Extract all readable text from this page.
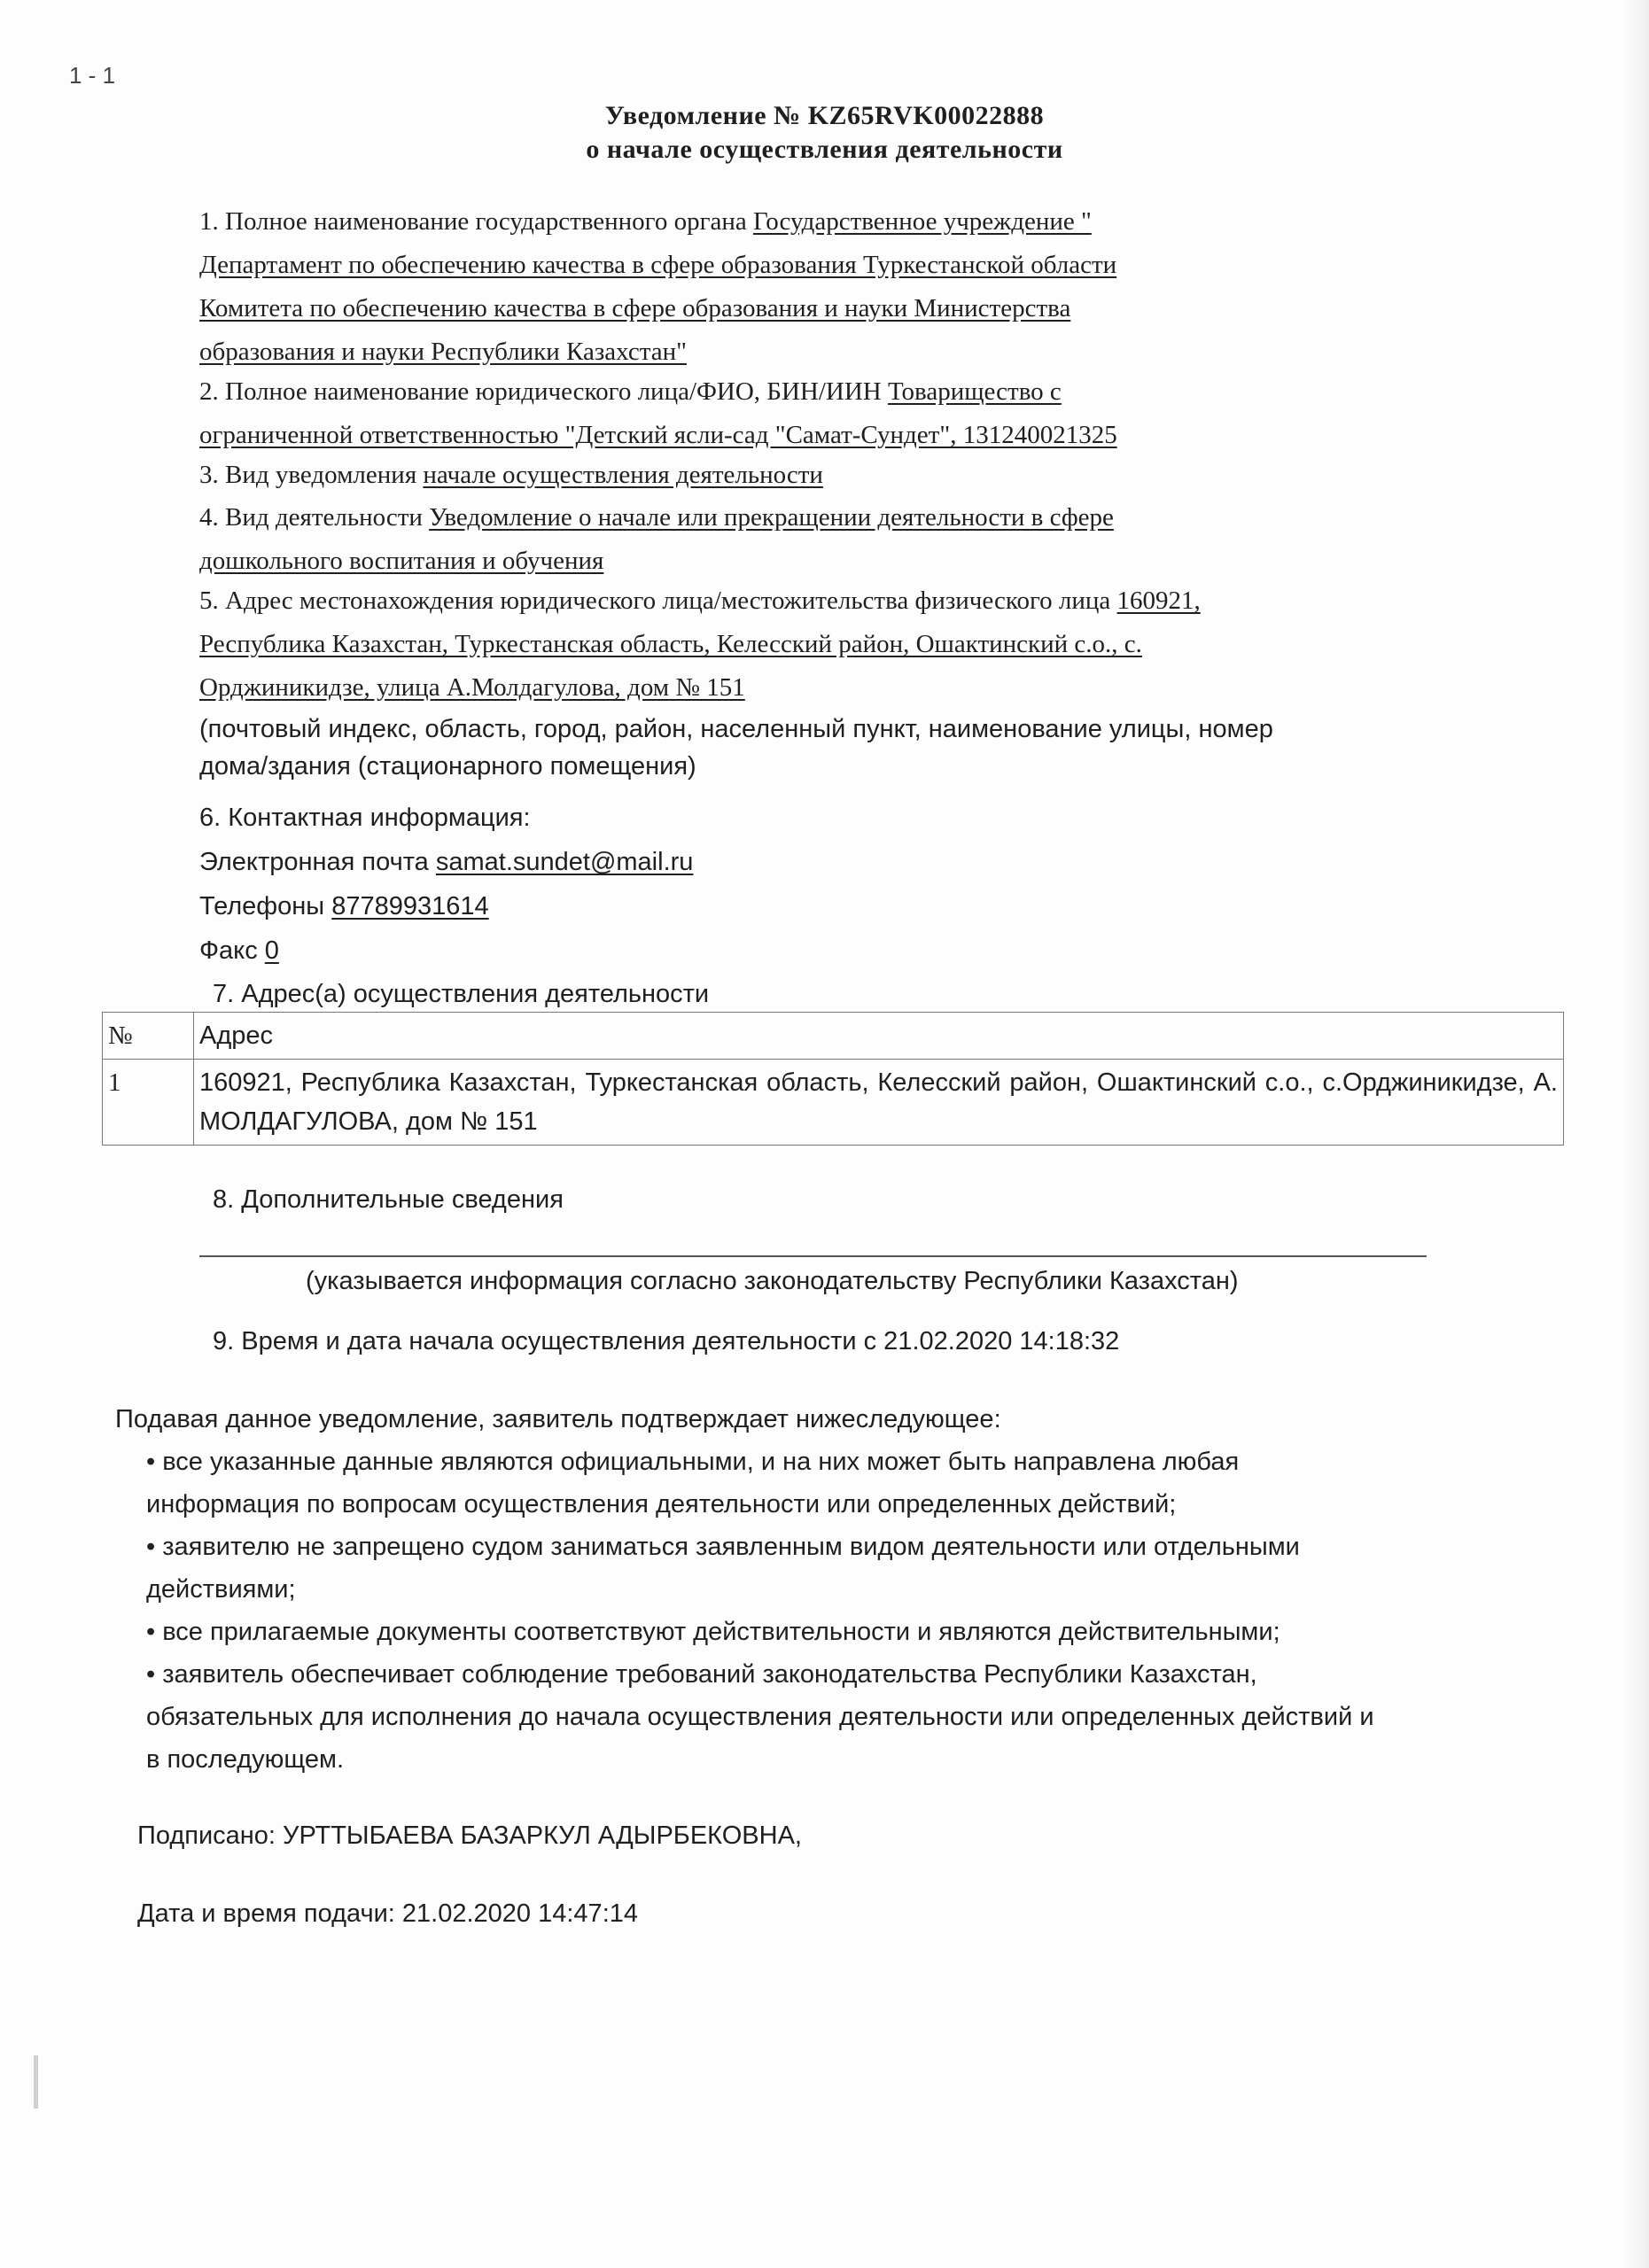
1 - 1
Уведомление № KZ65RVK00022888
о начале осуществления деятельности
1. Полное наименование государственного органа Государственное учреждение "
Департамент по обеспечению качества в сфере образования Туркестанской области
Комитета по обеспечению качества в сфере образования и науки Министерства
образования и науки Республики Казахстан"
2. Полное наименование юридического лица/ФИО, БИН/ИИН Товарищество с
ограниченной ответственностью "Детский ясли-сад "Самат-Сундет", 131240021325
3. Вид уведомления начале осуществления деятельности
4. Вид деятельности Уведомление о начале или прекращении деятельности в сфере
дошкольного воспитания и обучения
5. Адрес местонахождения юридического лица/местожительства физического лица 160921,
Республика Казахстан, Туркестанская область, Келесский район, Ошактинский с.о., с.
Орджиникидзе, улица А.Молдагулова, дом № 151
(почтовый индекс, область, город, район, населенный пункт, наименование улицы, номер
дома/здания (стационарного помещения)
6. Контактная информация:
Электронная почта samat.sundet@mail.ru
Телефоны 87789931614
Факс 0
7. Адрес(а) осуществления деятельности
№	Адрес
1	160921, Республика Казахстан, Туркестанская область, Келесский район, Ошактинский с.о., с.Орджиникидзе, А. МОЛДАГУЛОВА, дом № 151
8. Дополнительные сведения
(указывается информация согласно законодательству Республики Казахстан)
9. Время и дата начала осуществления деятельности с 21.02.2020 14:18:32
Подавая данное уведомление, заявитель подтверждает нижеследующее:
• все указанные данные являются официальными, и на них может быть направлена любая
информация по вопросам осуществления деятельности или определенных действий;
• заявителю не запрещено судом заниматься заявленным видом деятельности или отдельными
действиями;
• все прилагаемые документы соответствуют действительности и являются действительными;
• заявитель обеспечивает соблюдение требований законодательства Республики Казахстан,
обязательных для исполнения до начала осуществления деятельности или определенных действий и
в последующем.
Подписано: УРТТЫБАЕВА БАЗАРКУЛ АДЫРБЕКОВНА,
Дата и время подачи: 21.02.2020 14:47:14
